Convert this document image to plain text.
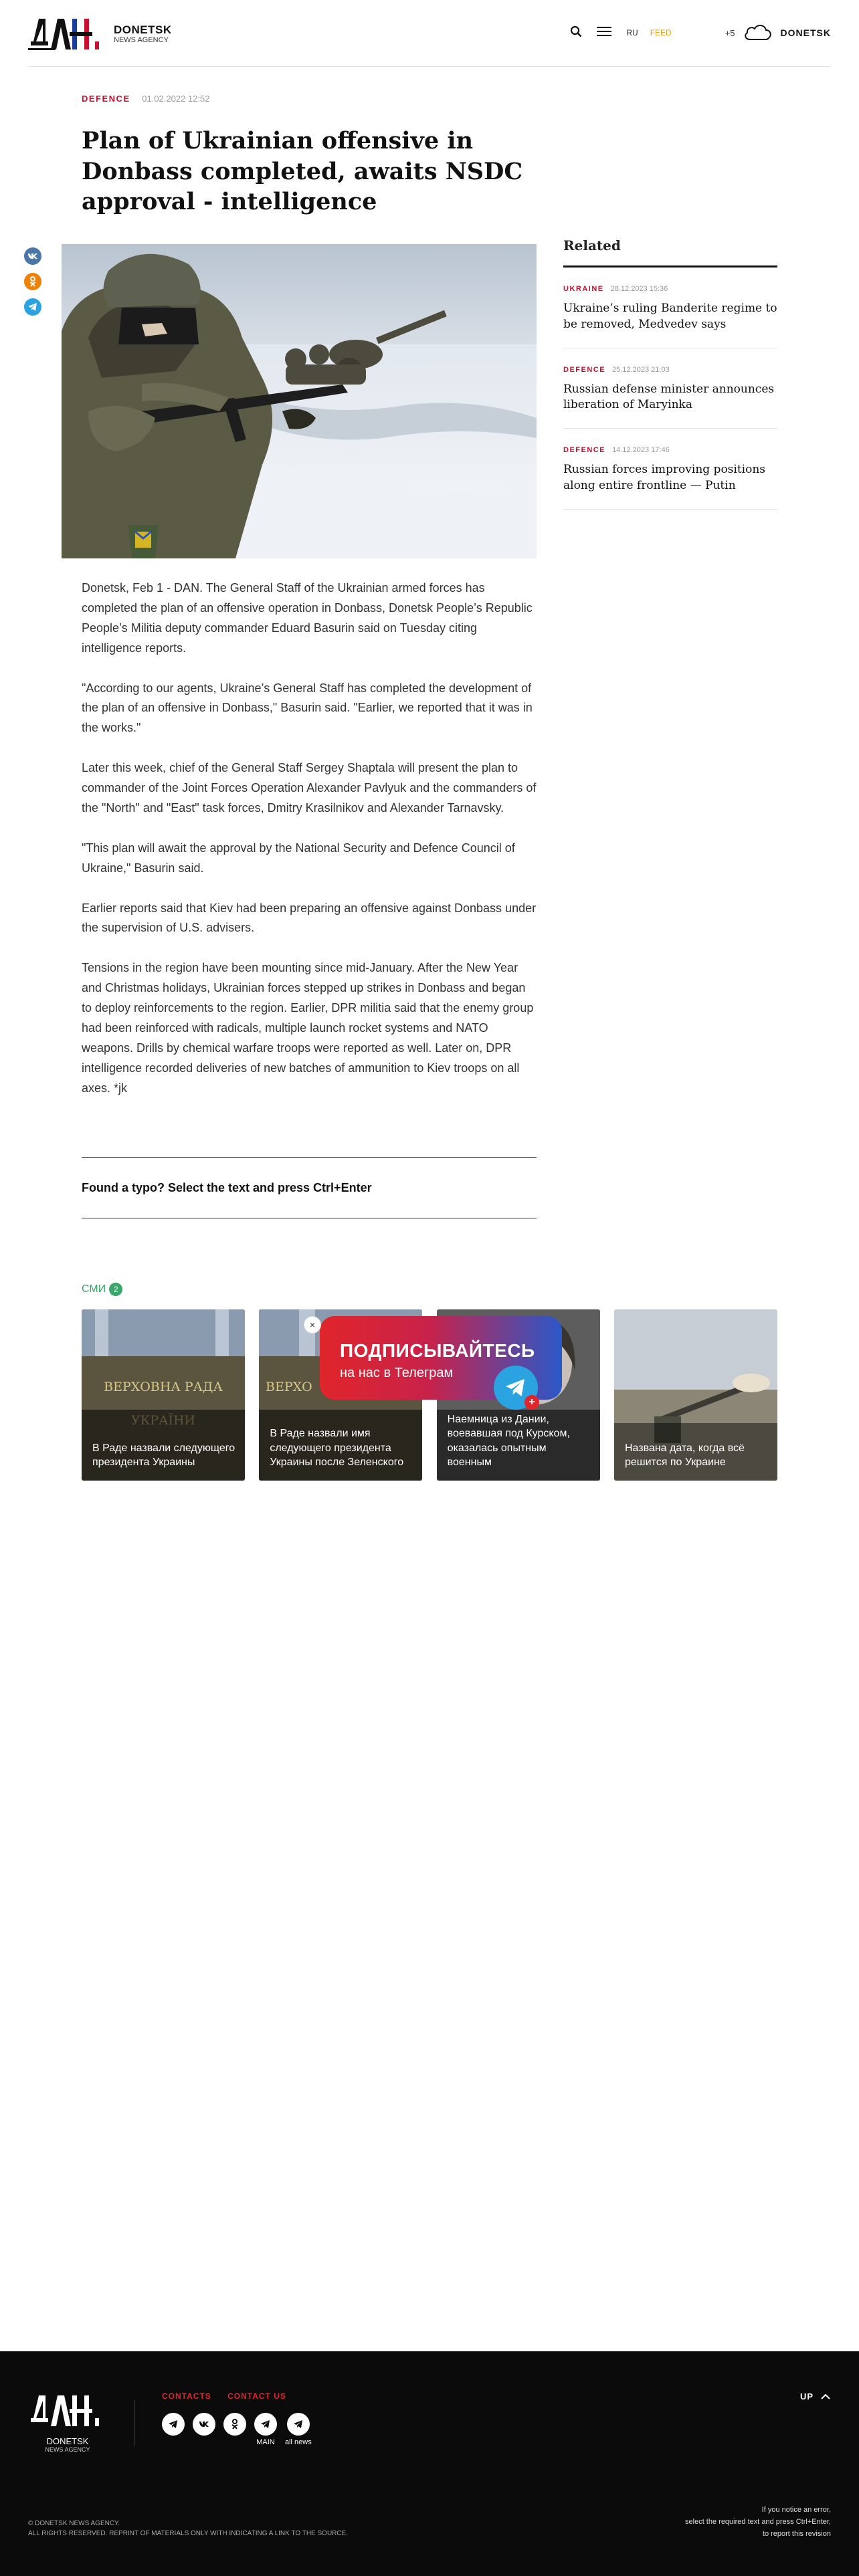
DONETSK
NEWS AGENCY
RU FEED	+5	DONETSK
DEFENCE 01.02.2022 12:52
Plan of Ukrainian offensive in Donbass completed, awaits NSDC approval - intelligence

Donetsk, Feb 1 - DAN. The General Staff of the Ukrainian armed forces has completed the plan of an offensive operation in Donbass, Donetsk People’s Republic People’s Militia deputy commander Eduard Basurin said on Tuesday citing intelligence reports.

"According to our agents, Ukraine’s General Staff has completed the development of the plan of an offensive in Donbass," Basurin said. "Earlier, we reported that it was in the works."

Later this week, chief of the General Staff Sergey Shaptala will present the plan to commander of the Joint Forces Operation Alexander Pavlyuk and the commanders of the "North" and "East" task forces, Dmitry Krasilnikov and Alexander Tarnavsky.

"This plan will await the approval by the National Security and Defence Council of Ukraine," Basurin said.

Earlier reports said that Kiev had been preparing an offensive against Donbass under the supervision of U.S. advisers.

Tensions in the region have been mounting since mid-January. After the New Year and Christmas holidays, Ukrainian forces stepped up strikes in Donbass and began to deploy reinforcements to the region. Earlier, DPR militia said that the enemy group had been reinforced with radicals, multiple launch rocket systems and NATO weapons. Drills by chemical warfare troops were reported as well. Later on, DPR intelligence recorded deliveries of new batches of ammunition to Kiev troops on all axes. *jk

Found a typo? Select the text and press Ctrl+Enter
Related
UKRAINE 28.12.2023 15:36
Ukraine’s ruling Banderite regime to be removed, Medvedev says
DEFENCE 25.12.2023 21:03
Russian defense minister announces liberation of Maryinka
DEFENCE 14.12.2023 17:46
Russian forces improving positions along entire frontline — Putin
СМИ 2
ВЕРХОВНА РАДА
УКРАЇНИ
В Раде назвали следующего президента Украины
ВЕРХО
В Раде назвали имя следующего президента Украины после Зеленского
Наемница из Дании, воевавшая под Курском, оказалась опытным военным
Названа дата, когда всё решится по Украине
ПОДПИСЫВАЙТЕСЬ
на нас в Телеграм
×
+
DONETSK
NEWS AGENCY
CONTACTS CONTACT US
MAIN all news
UP
© DONETSK NEWS AGENCY.
ALL RIGHTS RESERVED. REPRINT OF MATERIALS ONLY WITH INDICATING A LINK TO THE SOURCE.
If you notice an error,
select the required text and press Ctrl+Enter,
to report this revision
